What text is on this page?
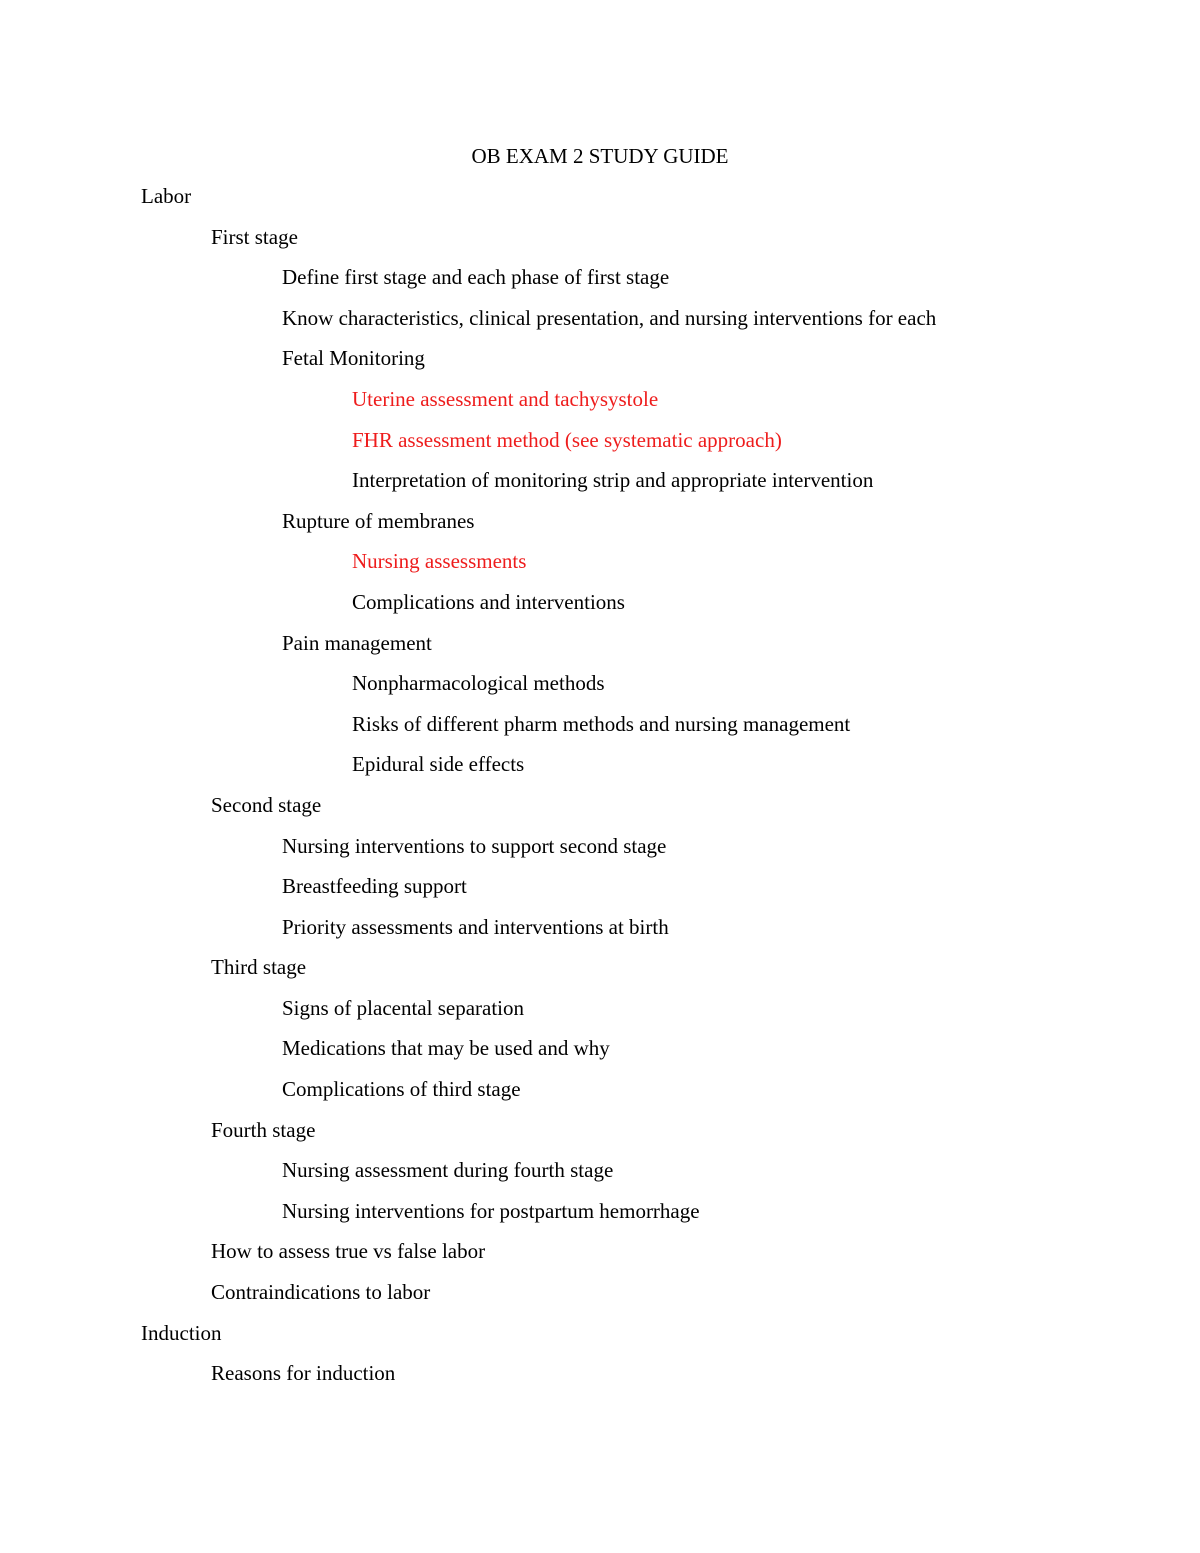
OB EXAM 2 STUDY GUIDE
Labor
First stage
Define first stage and each phase of first stage
Know characteristics, clinical presentation, and nursing interventions for each
Fetal Monitoring
Uterine assessment and tachysystole
FHR assessment method (see systematic approach)
Interpretation of monitoring strip and appropriate intervention
Rupture of membranes
Nursing assessments
Complications and interventions
Pain management
Nonpharmacological methods
Risks of different pharm methods and nursing management
Epidural side effects
Second stage
Nursing interventions to support second stage
Breastfeeding support
Priority assessments and interventions at birth
Third stage
Signs of placental separation
Medications that may be used and why
Complications of third stage
Fourth stage
Nursing assessment during fourth stage
Nursing interventions for postpartum hemorrhage
How to assess true vs false labor
Contraindications to labor
Induction
Reasons for induction
